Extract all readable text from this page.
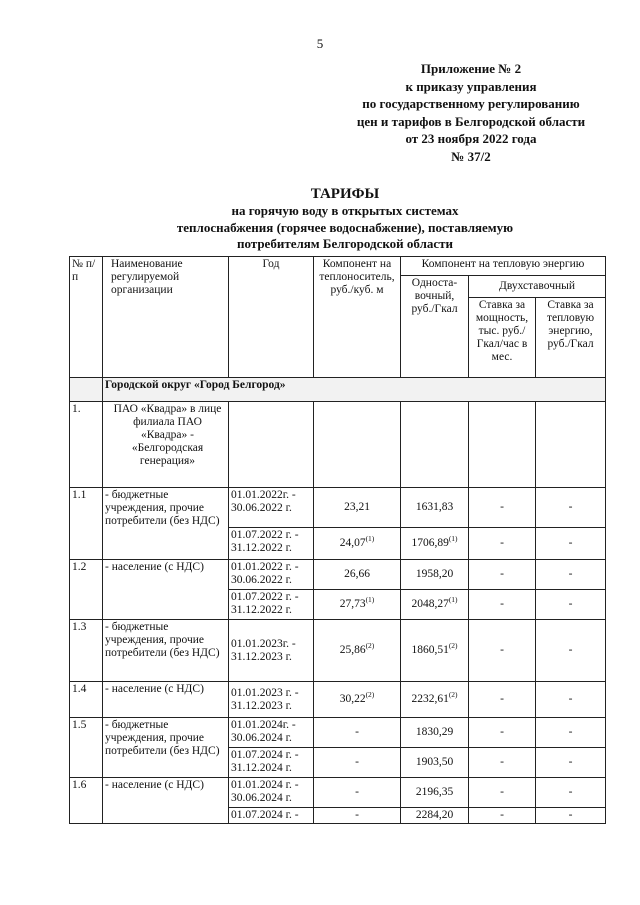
5
Приложение № 2
к приказу управления
по государственному регулированию
цен и тарифов в Белгородской области
от 23 ноября 2022 года
№ 37/2
ТАРИФЫ
на горячую воду в открытых системах
теплоснабжения (горячее водоснабжение), поставляемую
потребителям Белгородской области
№ п/п	Наименование регулируемой организации	Год	Компонент на теплоноситель, руб./куб. м	Компонент на тепловую энергию		
				Односта-вочный, руб./Гкал	Двухставочный	
					Ставка за мощность, тыс. руб./ Гкал/час в мес.	Ставка за тепловую энергию, руб./Гкал
	Городской округ «Город Белгород»					
1.	ПАО «Квадра» в лице филиала ПАО «Квадра» - «Белгородская генерация»					
1.1	- бюджетные учреждения, прочие потребители (без НДС)	01.01.2022г. - 30.06.2022 г.	23,21	1631,83	-	-
		01.07.2022 г. - 31.12.2022 г.	24,07$^{(1)}$	1706,89$^{(1)}$	-	-
1.2	- население (с НДС)	01.01.2022 г. - 30.06.2022 г.	26,66	1958,20	-	-
		01.07.2022 г. - 31.12.2022 г.	27,73$^{(1)}$	2048,27$^{(1)}$	-	-
1.3	- бюджетные учреждения, прочие потребители (без НДС)	01.01.2023г. - 31.12.2023 г.	25,86$^{(2)}$	1860,51$^{(2)}$	-	-
1.4	- население (с НДС)	01.01.2023 г. - 31.12.2023 г.	30,22$^{(2)}$	2232,61$^{(2)}$	-	-
1.5	- бюджетные учреждения, прочие потребители (без НДС)	01.01.2024г. - 30.06.2024 г.	-	1830,29	-	-
		01.07.2024 г. - 31.12.2024 г.	-	1903,50	-	-
1.6	- население (с НДС)	01.01.2024 г. - 30.06.2024 г.	-	2196,35	-	-
		01.07.2024 г. -	-	2284,20	-	-
